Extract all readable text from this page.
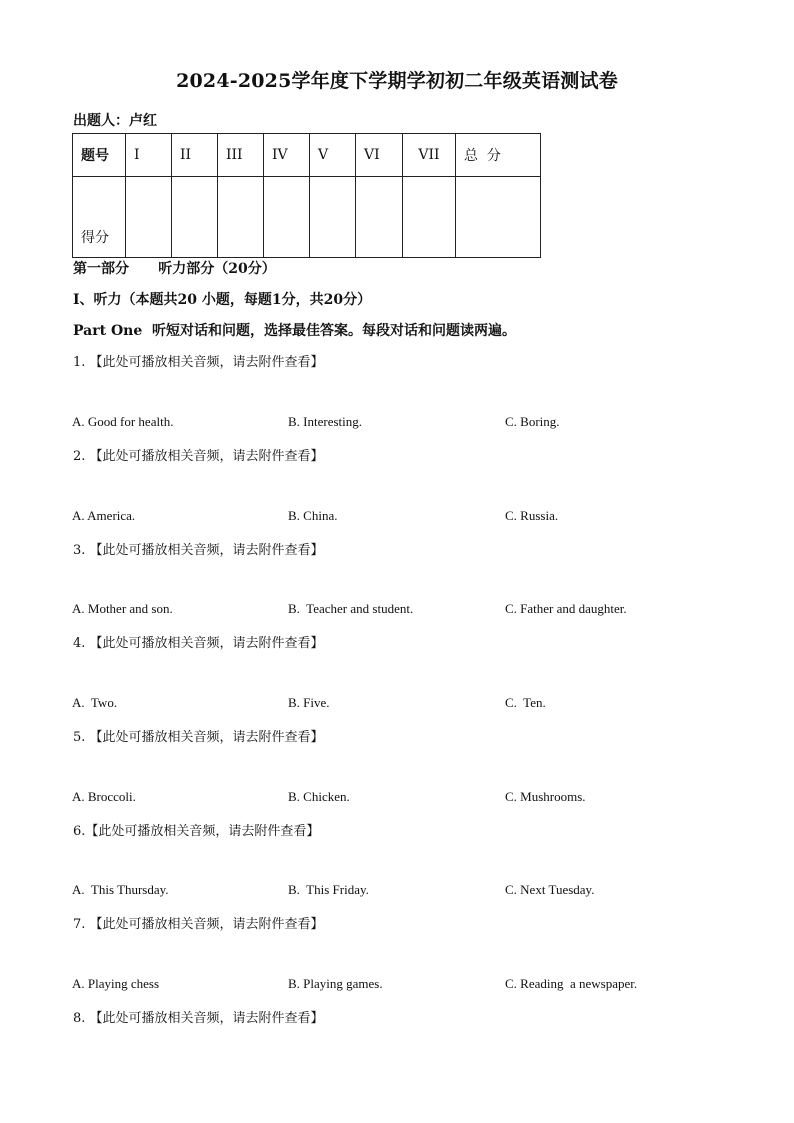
2024-2025学年度下学期学初初二年级英语测试卷
出题人：卢红
题号	I	II	III	IV	V	VI	VII	总  分
得分								
第一部分      听力部分（20分）
Ⅰ、听力（本题共20 小题，每题1分，共20分）
Part One  听短对话和问题，选择最佳答案。每段对话和问题读两遍。
1. 【此处可播放相关音频，请去附件查看】
A. Good for health.	B. Interesting.	C. Boring.
2. 【此处可播放相关音频，请去附件查看】
A. America.	B. China.	C. Russia.
3. 【此处可播放相关音频，请去附件查看】
A. Mother and son.	B.  Teacher and student.	C. Father and daughter.
4. 【此处可播放相关音频，请去附件查看】
A.  Two.	B. Five.	C.  Ten.
5. 【此处可播放相关音频，请去附件查看】
A. Broccoli.	B. Chicken.	C. Mushrooms.
6.【此处可播放相关音频，请去附件查看】
A.  This Thursday.	B.  This Friday.	C. Next Tuesday.
7. 【此处可播放相关音频，请去附件查看】
A. Playing chess	B. Playing games.	C. Reading  a newspaper.
8. 【此处可播放相关音频，请去附件查看】
